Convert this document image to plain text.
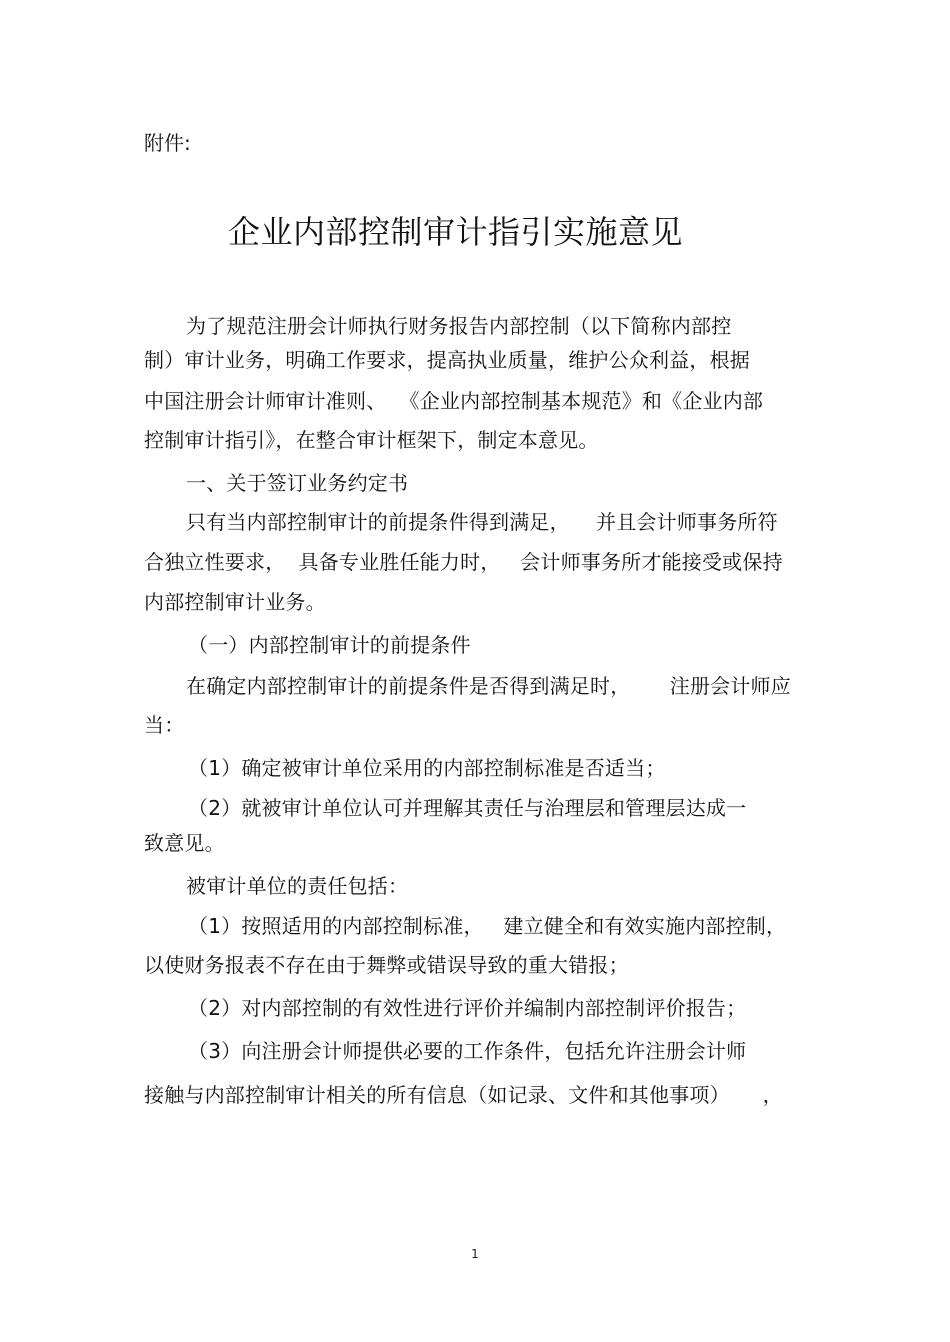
附件:
企业内部控制审计指引实施意见
为了规范注册会计师执行财务报告内部控制（以下简称内部控
制）审计业务，明确工作要求，提高执业质量，维护公众利益，根据
中国注册会计师审计准则、  《企业内部控制基本规范》和《企业内部
控制审计指引》，在整合审计框架下，制定本意见。
一、关于签订业务约定书
只有当内部控制审计的前提条件得到满足，    并且会计师事务所符
合独立性要求，  具备专业胜任能力时，   会计师事务所才能接受或保持
内部控制审计业务。
（一）内部控制审计的前提条件
在确定内部控制审计的前提条件是否得到满足时，      注册会计师应
当：
（1）确定被审计单位采用的内部控制标准是否适当；
（2）就被审计单位认可并理解其责任与治理层和管理层达成一
致意见。
被审计单位的责任包括：
（1）按照适用的内部控制标准，   建立健全和有效实施内部控制，
以使财务报表不存在由于舞弊或错误导致的重大错报；
（2）对内部控制的有效性进行评价并编制内部控制评价报告；
（3）向注册会计师提供必要的工作条件，包括允许注册会计师
接触与内部控制审计相关的所有信息（如记录、文件和其他事项）     ，
1
